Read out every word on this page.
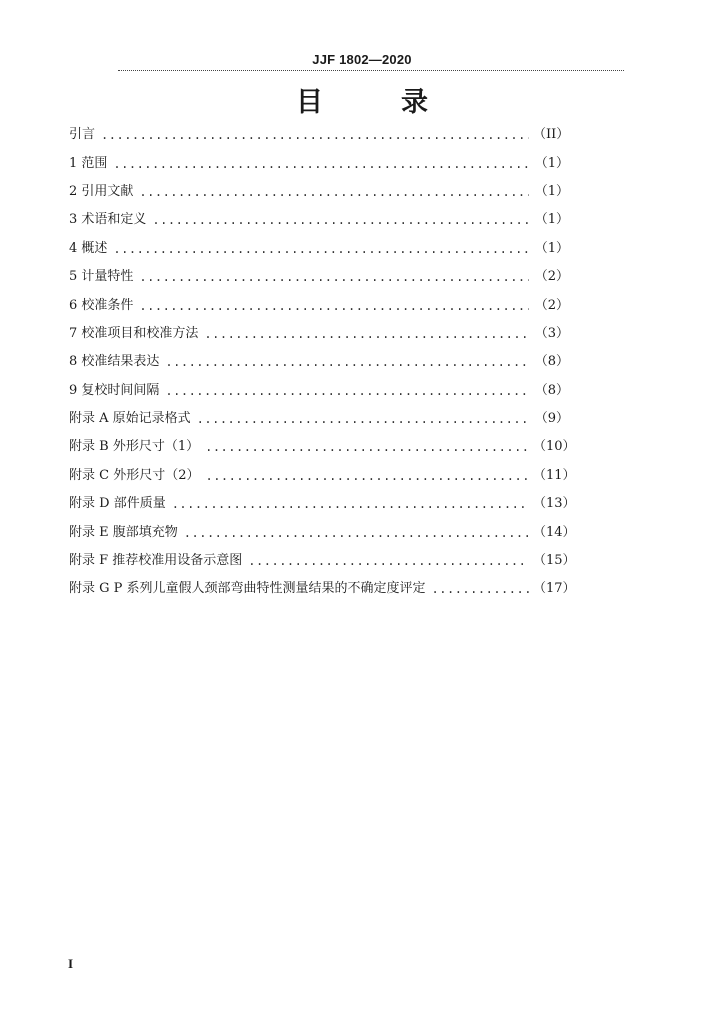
JJF 1802—2020
目	录
引言 .....	（II）
1 范围 .....	（1）
2 引用文献 .....	（1）
3 术语和定义 .....	（1）
4 概述 .....	（1）
5 计量特性 .....	（2）
6 校准条件 .....	（2）
7 校准项目和校准方法 .....	（3）
8 校准结果表达 .....	（8）
9 复校时间间隔 .....	（8）
附录 A 原始记录格式 .....	（9）
附录 B 外形尺寸（1） .....	（10）
附录 C 外形尺寸（2） .....	（11）
附录 D 部件质量 .....	（13）
附录 E 腹部填充物 .....	（14）
附录 F 推荐校准用设备示意图 .....	（15）
附录 G P 系列儿童假人颈部弯曲特性测量结果的不确定度评定 .....	（17）
I
